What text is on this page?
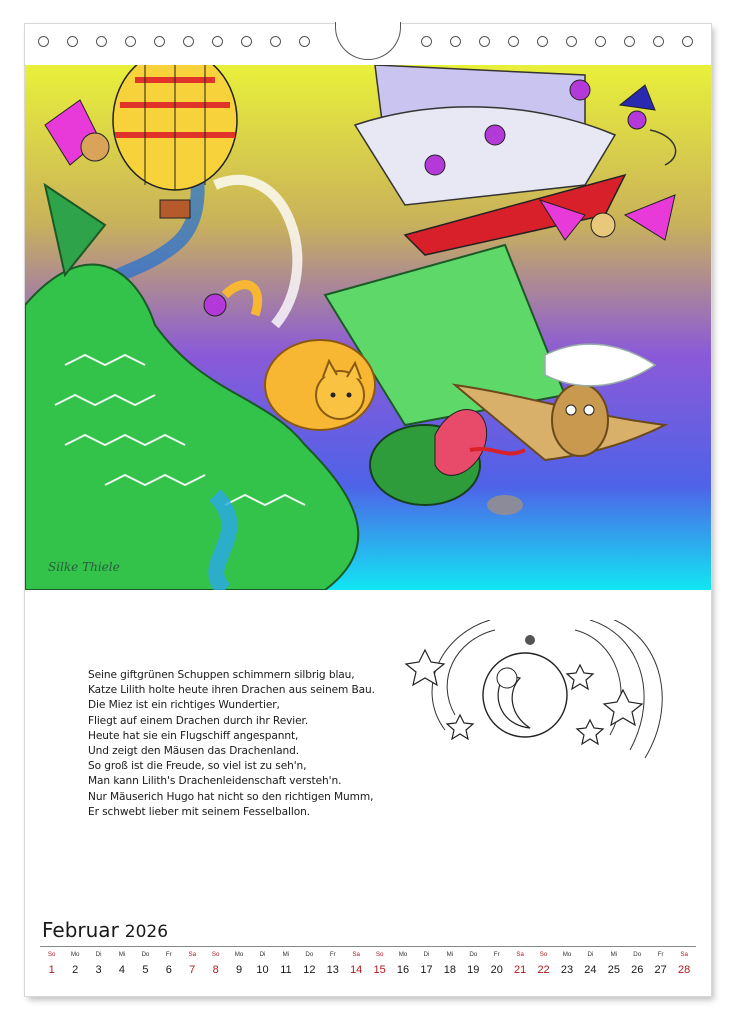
Silke Thiele
Seine giftgrünen Schuppen schimmern silbrig blau,
Katze Lilith holte heute ihren Drachen aus seinem Bau.
Die Miez ist ein richtiges Wundertier,
Fliegt auf einem Drachen durch ihr Revier.
Heute hat sie ein Flugschiff angespannt,
Und zeigt den Mäusen das Drachenland.
So groß ist die Freude, so viel ist zu seh'n,
Man kann Lilith's Drachenleidenschaft versteh'n.
Nur Mäuserich Hugo hat nicht so den richtigen Mumm,
Er schwebt lieber mit seinem Fesselballon.
Februar 2026
So
1
Mo
2
Di
3
Mi
4
Do
5
Fr
6
Sa
7
So
8
Mo
9
Di
10
Mi
11
Do
12
Fr
13
Sa
14
So
15
Mo
16
Di
17
Mi
18
Do
19
Fr
20
Sa
21
So
22
Mo
23
Di
24
Mi
25
Do
26
Fr
27
Sa
28
